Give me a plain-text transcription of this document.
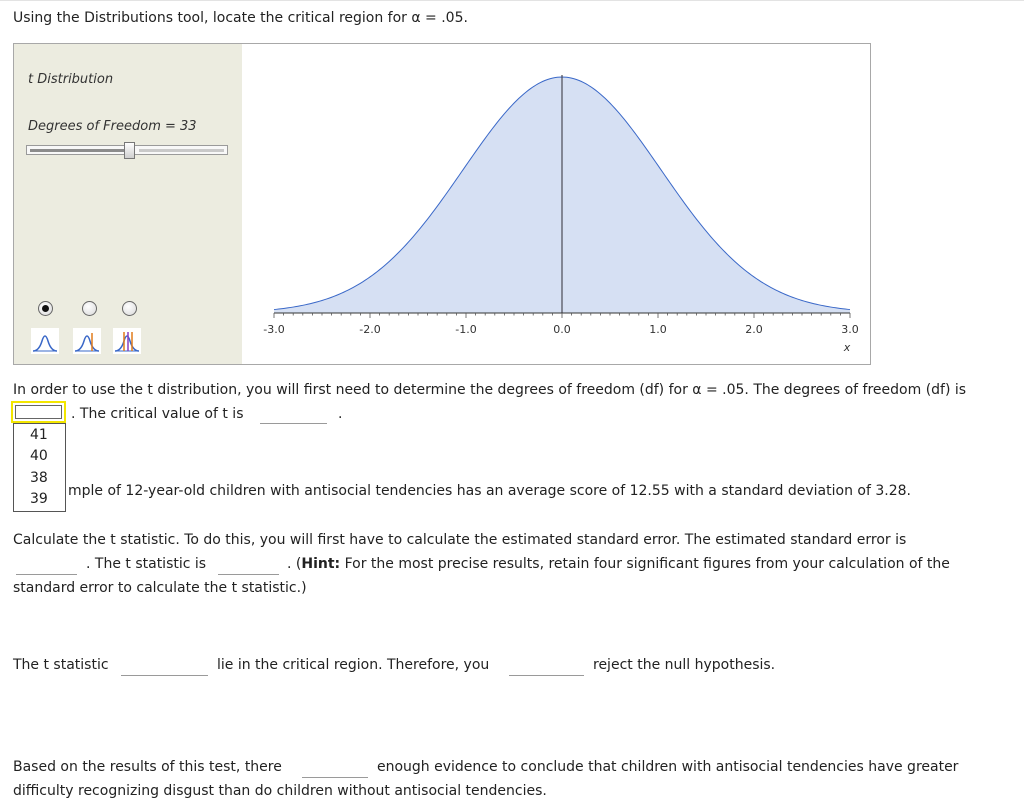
Using the Distributions tool, locate the critical region for α = .05.
t Distribution
Degrees of Freedom = 33
-3.0	-2.0	-1.0	0.0	1.0	2.0	3.0
x
In order to use the t distribution, you will first need to determine the degrees of freedom (df) for α = .05. The degrees of freedom (df) is
. The critical value of t is	.
41
40
38
39 mple of 12-year-old children with antisocial tendencies has an average score of 12.55 with a standard deviation of 3.28.
Calculate the t statistic. To do this, you will first have to calculate the estimated standard error. The estimated standard error is
. The t statistic is	. (Hint: For the most precise results, retain four significant figures from your calculation of the
standard error to calculate the t statistic.)
The t statistic	lie in the critical region. Therefore, you	reject the null hypothesis.
Based on the results of this test, there	enough evidence to conclude that children with antisocial tendencies have greater
difficulty recognizing disgust than do children without antisocial tendencies.
